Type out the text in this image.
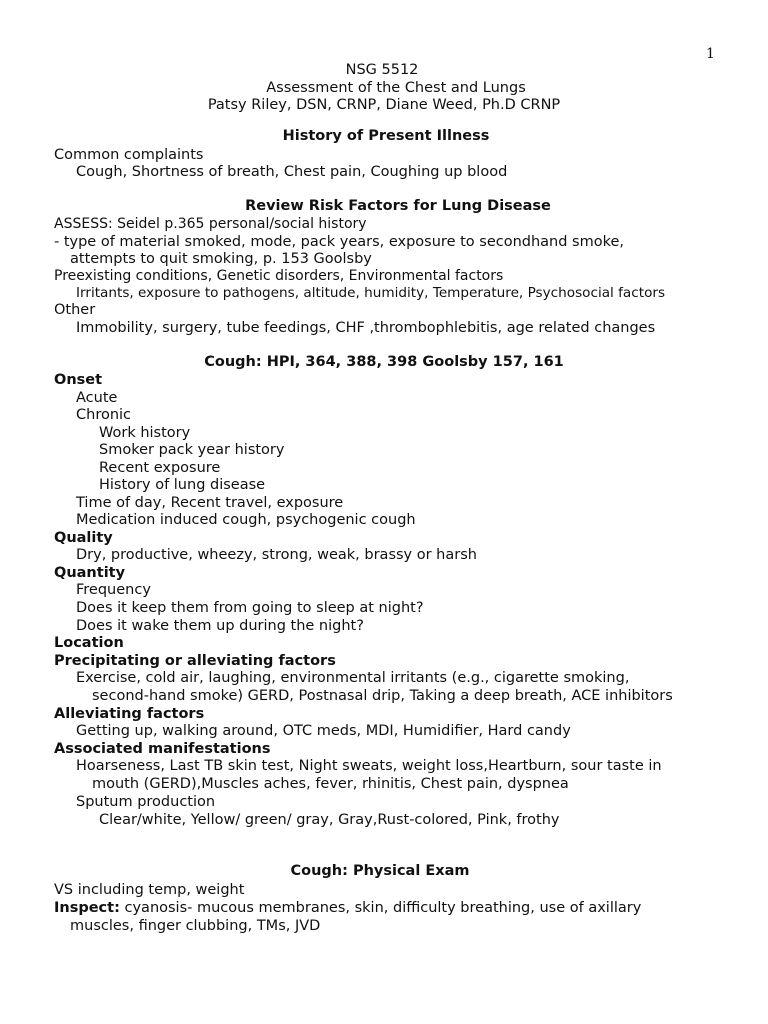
1
NSG 5512
Assessment of the Chest and Lungs
Patsy Riley, DSN, CRNP, Diane Weed, Ph.D CRNP
History of Present Illness
Common complaints
Cough, Shortness of breath, Chest pain, Coughing up blood
Review Risk Factors for Lung Disease
ASSESS: Seidel p.365 personal/social history
- type of material smoked, mode, pack years, exposure to secondhand smoke,
attempts to quit smoking, p. 153 Goolsby
Preexisting conditions, Genetic disorders, Environmental factors
Irritants, exposure to pathogens, altitude, humidity, Temperature, Psychosocial factors
Other
Immobility, surgery, tube feedings, CHF ,thrombophlebitis, age related changes
Cough: HPI, 364, 388, 398 Goolsby 157, 161
Onset
Acute
Chronic
Work history
Smoker pack year history
Recent exposure
History of lung disease
Time of day, Recent travel, exposure
Medication induced cough, psychogenic cough
Quality
Dry, productive, wheezy, strong, weak, brassy or harsh
Quantity
Frequency
Does it keep them from going to sleep at night?
Does it wake them up during the night?
Location
Precipitating or alleviating factors
Exercise, cold air, laughing, environmental irritants (e.g., cigarette smoking,
second-hand smoke) GERD, Postnasal drip, Taking a deep breath, ACE inhibitors
Alleviating factors
Getting up, walking around, OTC meds, MDI, Humidifier, Hard candy
Associated manifestations
Hoarseness, Last TB skin test, Night sweats, weight loss,Heartburn, sour taste in
mouth (GERD),Muscles aches, fever, rhinitis, Chest pain, dyspnea
Sputum production
Clear/white, Yellow/ green/ gray, Gray,Rust-colored, Pink, frothy
Cough: Physical Exam
VS including temp, weight
Inspect: cyanosis- mucous membranes, skin, difficulty breathing, use of axillary
muscles, finger clubbing, TMs, JVD
